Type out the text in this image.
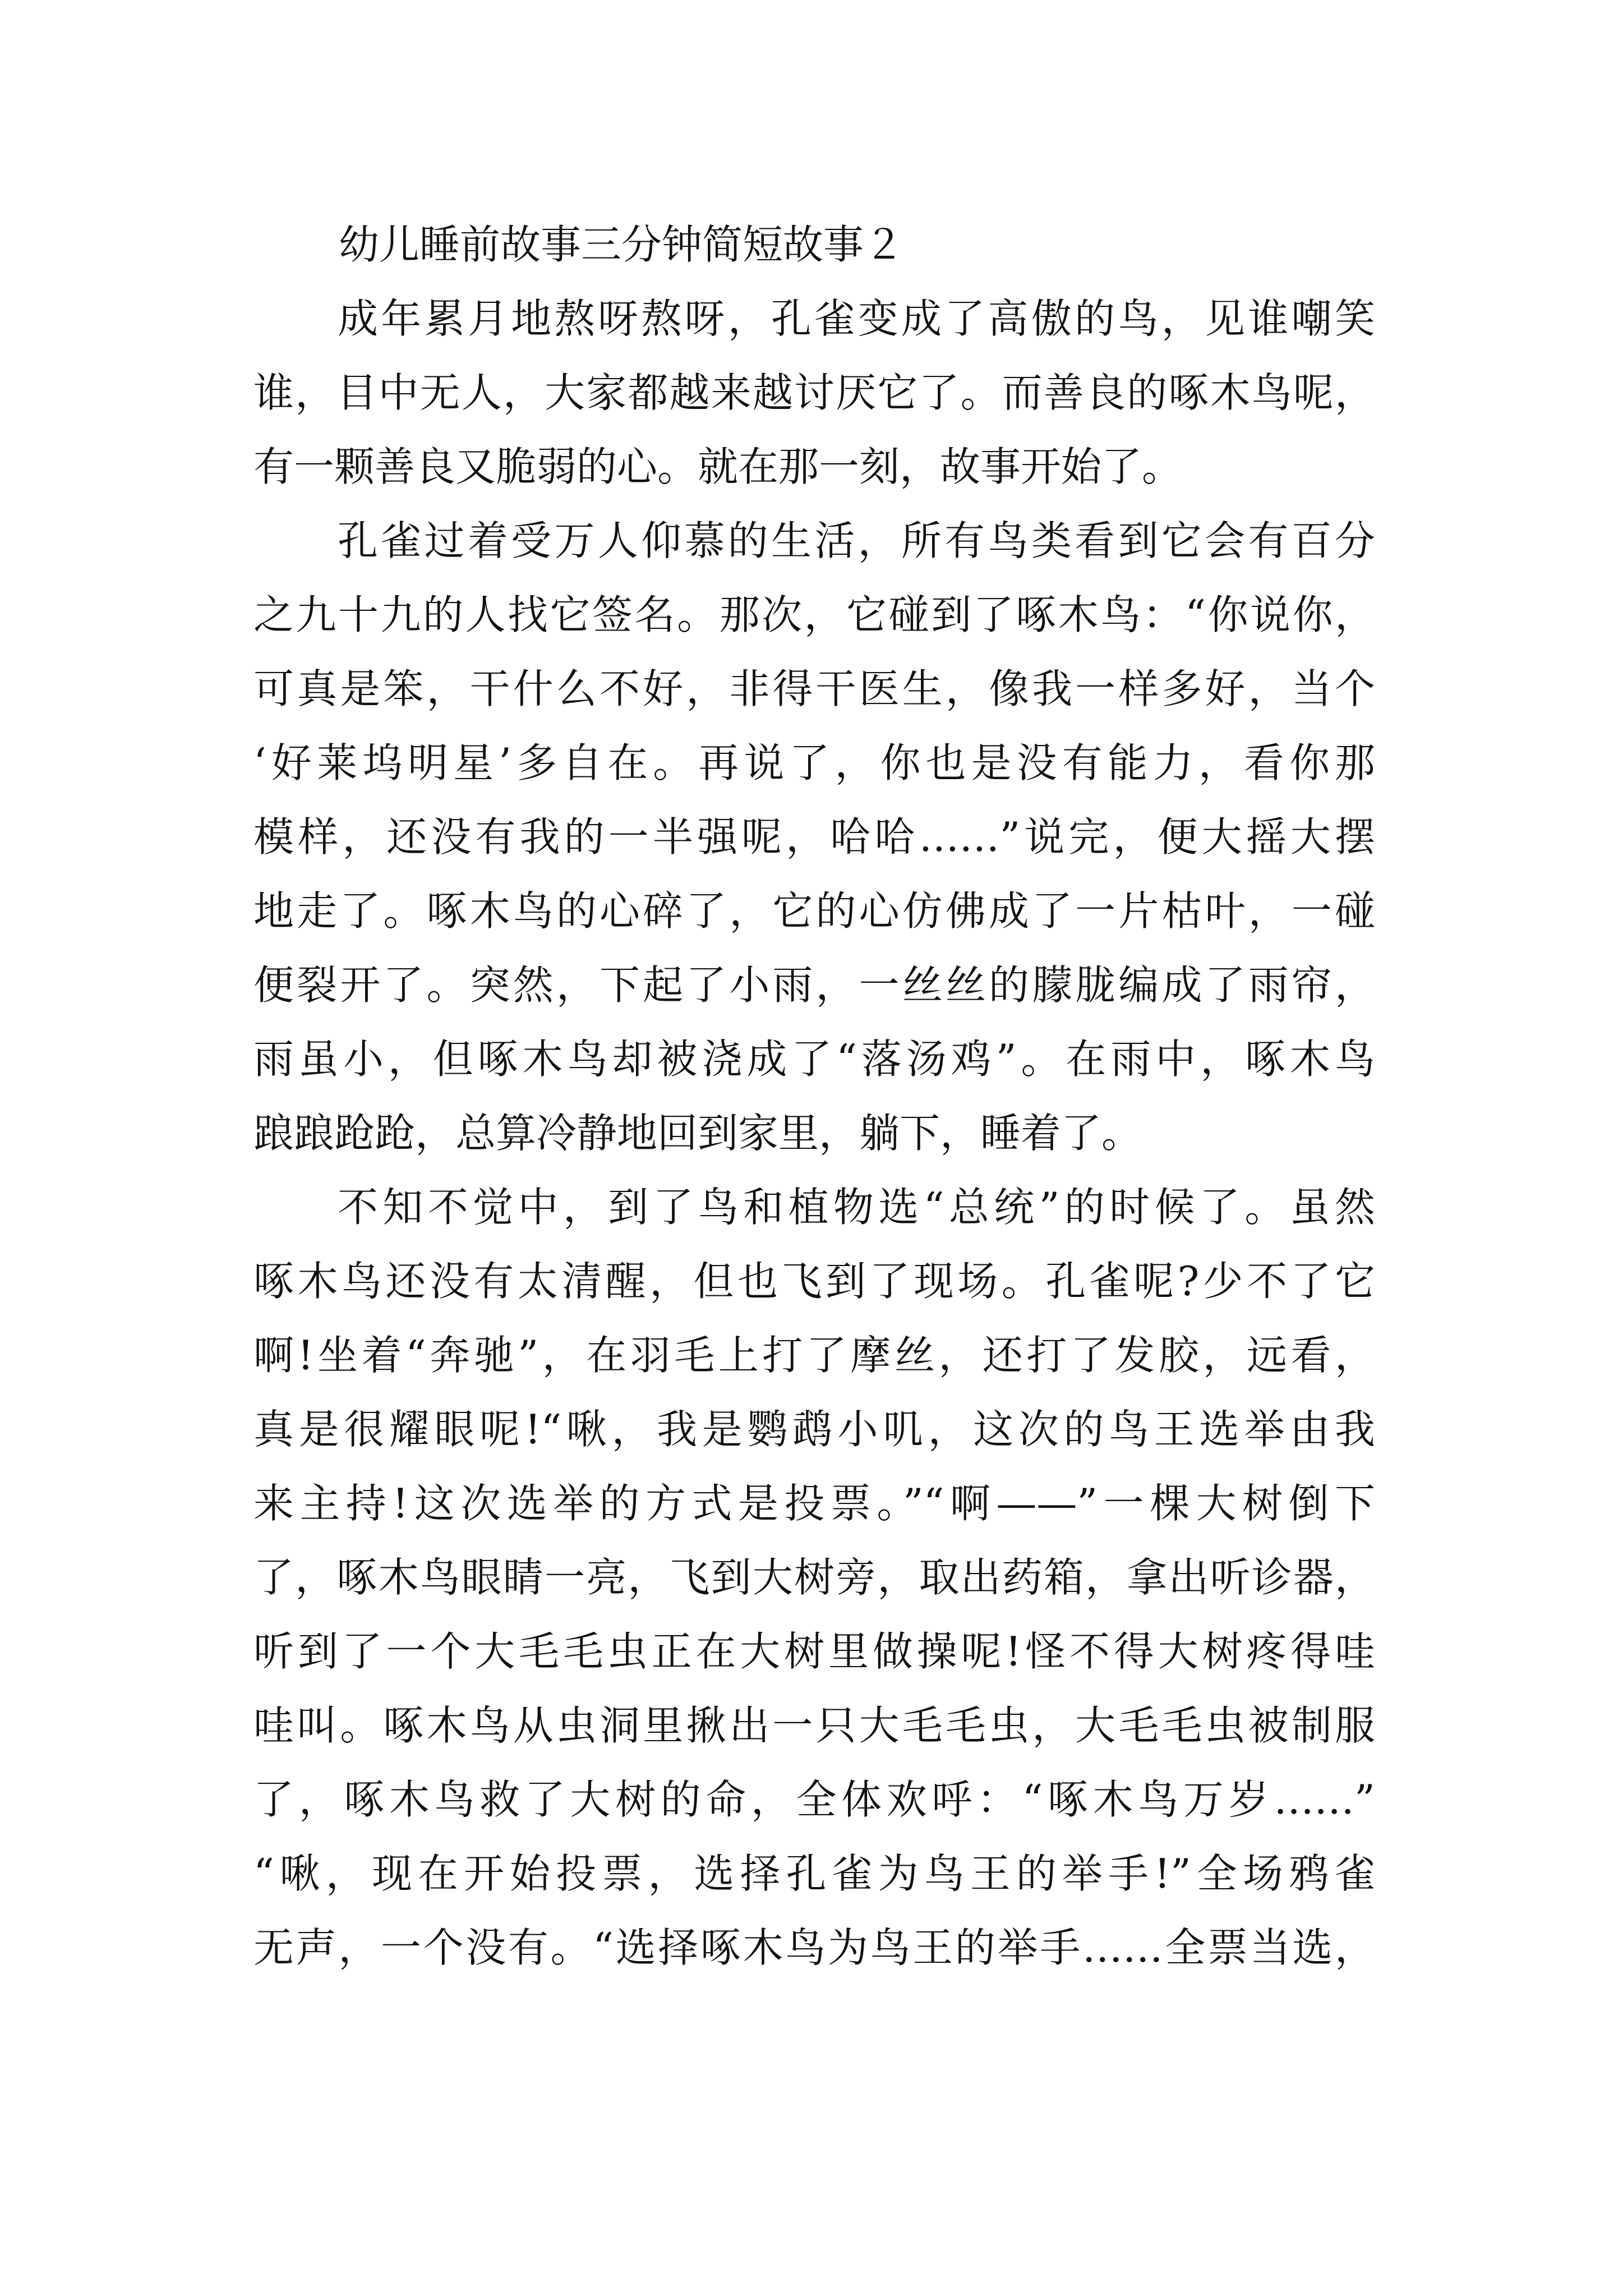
幼儿睡前故事三分钟简短故事２
成年累月地熬呀熬呀，孔雀变成了高傲的鸟，见谁嘲笑
谁，目中无人，大家都越来越讨厌它了。而善良的啄木鸟呢，
有一颗善良又脆弱的心。就在那一刻，故事开始了。
孔雀过着受万人仰慕的生活，所有鸟类看到它会有百分
之九十九的人找它签名。那次，它碰到了啄木鸟：“你说你，
可真是笨，干什么不好，非得干医生，像我一样多好，当个
‘好莱坞明星’多自在。再说了，你也是没有能力，看你那
模样，还没有我的一半强呢，哈哈……”说完，便大摇大摆
地走了。啄木鸟的心碎了，它的心仿佛成了一片枯叶，一碰
便裂开了。突然，下起了小雨，一丝丝的朦胧编成了雨帘，
雨虽小，但啄木鸟却被浇成了“落汤鸡”。在雨中，啄木鸟
踉踉跄跄，总算冷静地回到家里，躺下，睡着了。
不知不觉中，到了鸟和植物选“总统”的时候了。虽然
啄木鸟还没有太清醒，但也飞到了现场。孔雀呢?少不了它
啊!坐着“奔驰”，在羽毛上打了摩丝，还打了发胶，远看，
真是很耀眼呢!“啾，我是鹦鹉小叽，这次的鸟王选举由我
来主持!这次选举的方式是投票。”“啊——”一棵大树倒下
了，啄木鸟眼睛一亮，飞到大树旁，取出药箱，拿出听诊器，
听到了一个大毛毛虫正在大树里做操呢!怪不得大树疼得哇
哇叫。啄木鸟从虫洞里揪出一只大毛毛虫，大毛毛虫被制服
了，啄木鸟救了大树的命，全体欢呼：“啄木鸟万岁……”
“啾，现在开始投票，选择孔雀为鸟王的举手!”全场鸦雀
无声，一个没有。“选择啄木鸟为鸟王的举手……全票当选，
